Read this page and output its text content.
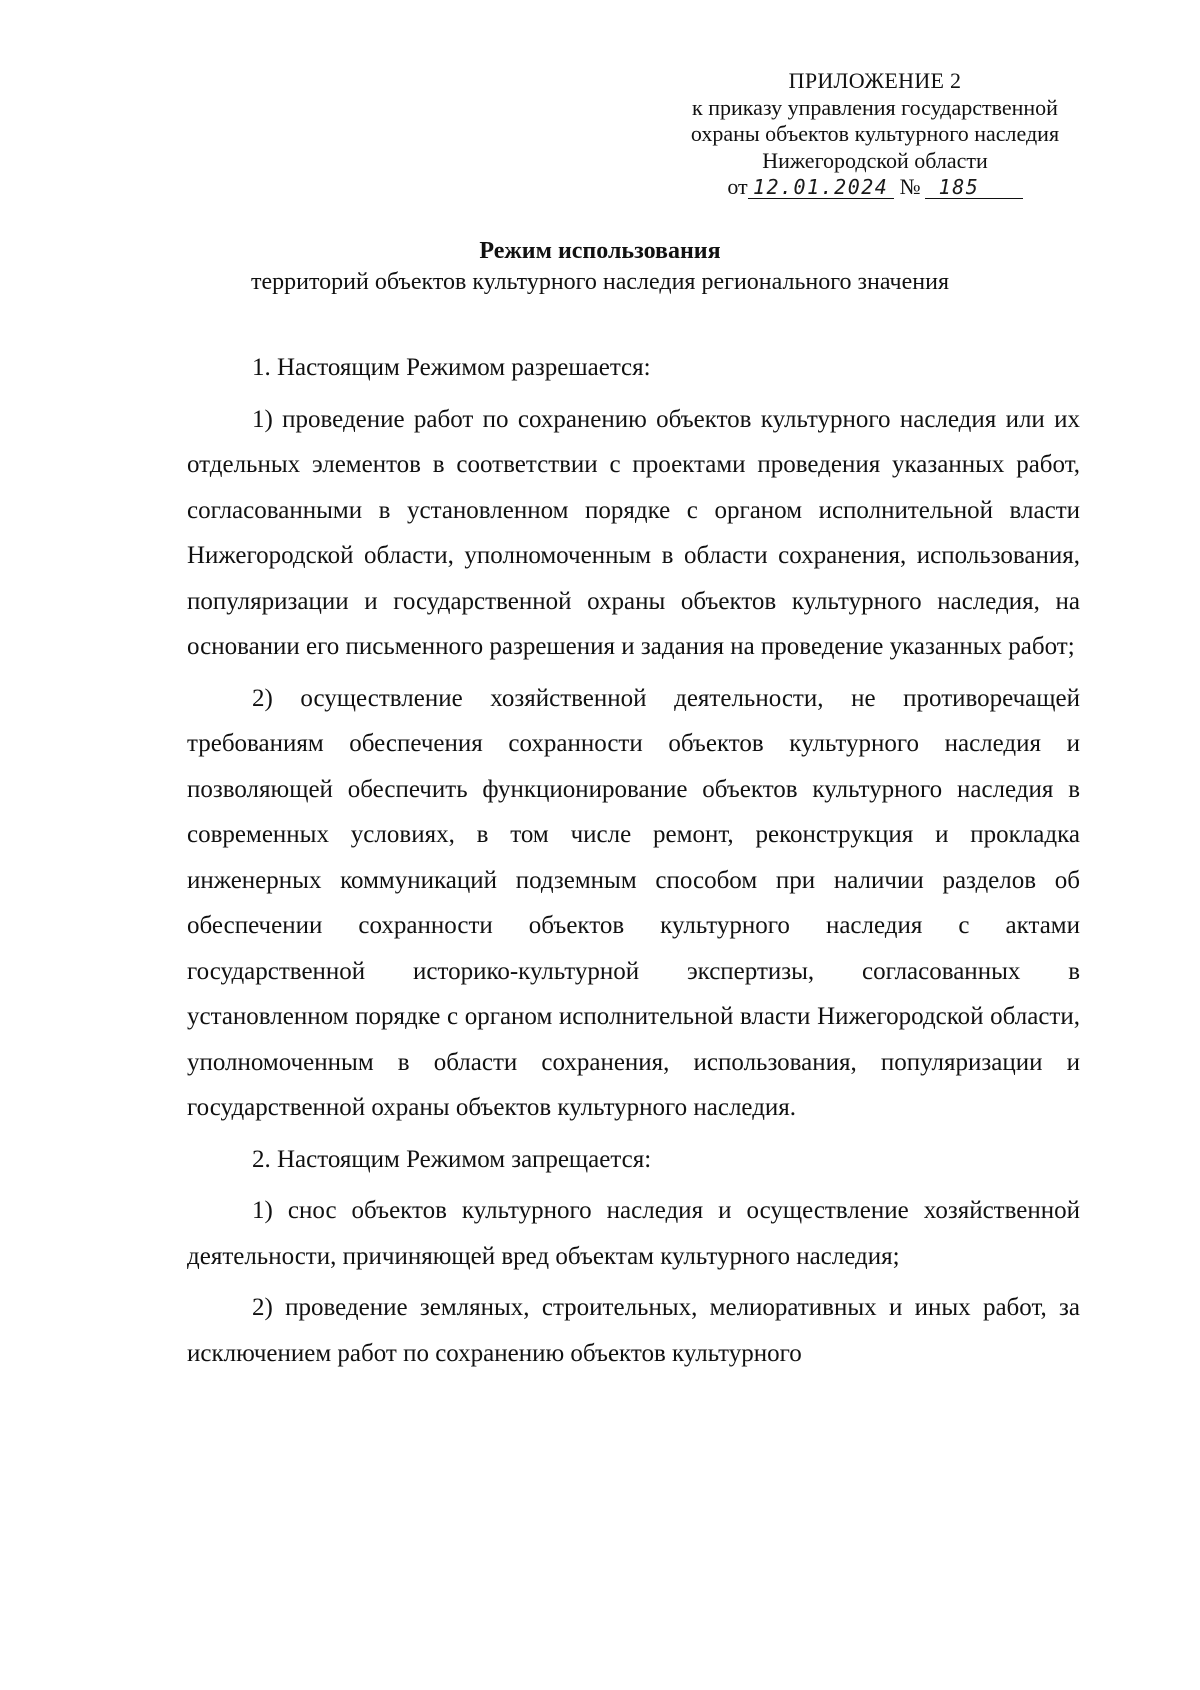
ПРИЛОЖЕНИЕ 2
к приказу управления государственной
охраны объектов культурного наследия
Нижегородской области
от 12.01.2024 № 185
Режим использования
территорий объектов культурного наследия регионального значения

1. Настоящим Режимом разрешается:

1) проведение работ по сохранению объектов культурного наследия или их отдельных элементов в соответствии с проектами проведения указанных работ, согласованными в установленном порядке с органом исполнительной власти Нижегородской области, уполномоченным в области сохранения, использования, популяризации и государственной охраны объектов культурного наследия, на основании его письменного разрешения и задания на проведение указанных работ;

2) осуществление хозяйственной деятельности, не противоречащей требованиям обеспечения сохранности объектов культурного наследия и позволяющей обеспечить функционирование объектов культурного наследия в современных условиях, в том числе ремонт, реконструкция и прокладка инженерных коммуникаций подземным способом при наличии разделов об обеспечении сохранности объектов культурного наследия с актами государственной историко-культурной экспертизы, согласованных в установленном порядке с органом исполнительной власти Нижегородской области, уполномоченным в области сохранения, использования, популяризации и государственной охраны объектов культурного наследия.

2. Настоящим Режимом запрещается:

1) снос объектов культурного наследия и осуществление хозяйственной деятельности, причиняющей вред объектам культурного наследия;

2) проведение земляных, строительных, мелиоративных и иных работ, за исключением работ по сохранению объектов культурного
